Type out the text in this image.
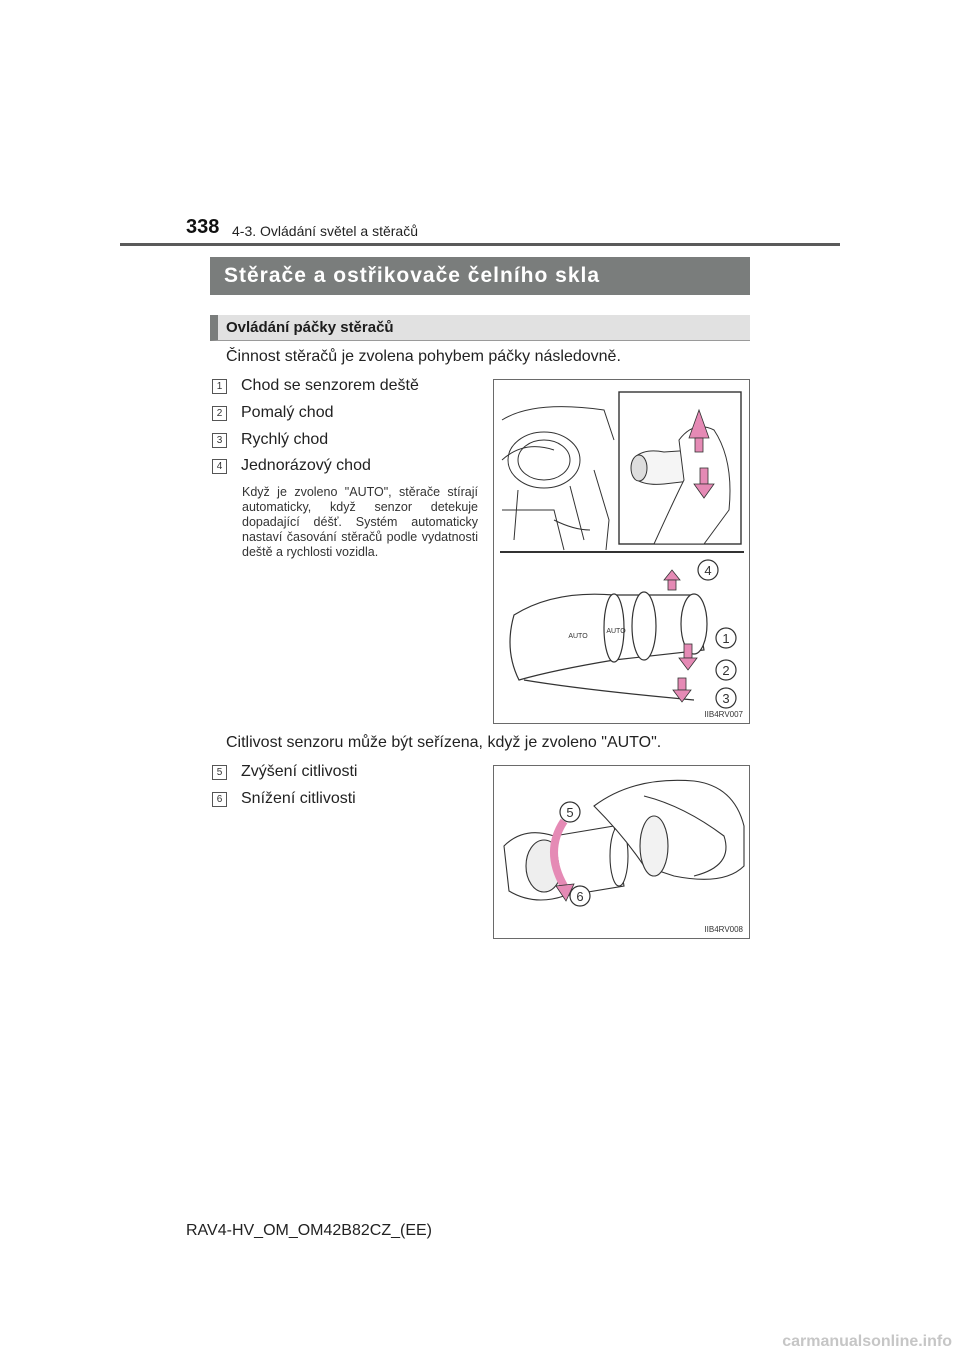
338 4-3. Ovládání světel a stěračů
Stěrače a ostřikovače čelního skla
Ovládání páčky stěračů
Činnost stěračů je zvolena pohybem páčky následovně.
1 Chod se senzorem deště
2 Pomalý chod
3 Rychlý chod
4 Jednorázový chod
Když je zvoleno "AUTO", stěrače stírají automaticky, když senzor detekuje dopadající déšť. Systém automaticky nastaví časování stěračů podle vydatnosti deště a rychlosti vozidla.
4
1
2
3
AUTO
AUTO
IIB4RV007
Citlivost senzoru může být seřízena, když je zvoleno "AUTO".
5 Zvýšení citlivosti
6 Snížení citlivosti
5
6
IIB4RV008
RAV4-HV_OM_OM42B82CZ_(EE)
carmanualsonline.info
